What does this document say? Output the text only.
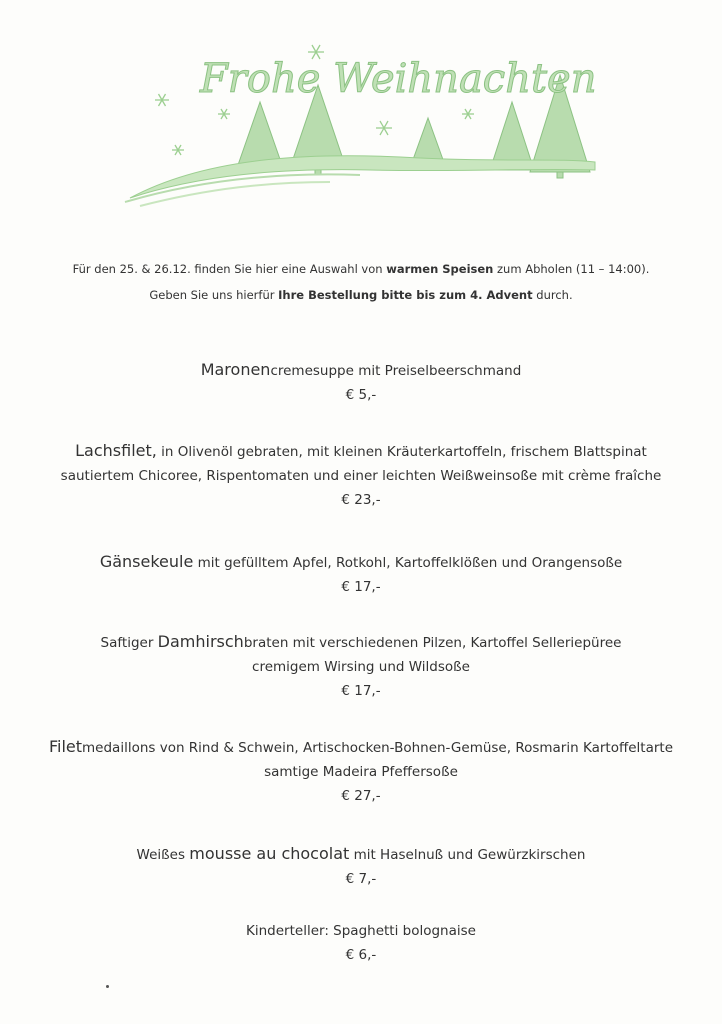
Frohe Weihnachten
Für den 25. & 26.12. finden Sie hier eine Auswahl von warmen Speisen zum Abholen (11 – 14:00).
Geben Sie uns hierfür Ihre Bestellung bitte bis zum 4. Advent durch.

Maronencremesuppe mit Preiselbeerschmand

€ 5,-

Lachsfilet, in Olivenöl gebraten, mit kleinen Kräuterkartoffeln, frischem Blattspinat

sautiertem Chicoree, Rispentomaten und einer leichten Weißweinsoße mit crème fraîche

€ 23,-

Gänsekeule mit gefülltem Apfel, Rotkohl, Kartoffelklößen und Orangensoße

€ 17,-

Saftiger Damhirschbraten mit verschiedenen Pilzen, Kartoffel Selleriepüree

cremigem Wirsing und Wildsoße

€ 17,-

Filetmedaillons von Rind & Schwein, Artischocken-Bohnen-Gemüse, Rosmarin Kartoffeltarte

samtige Madeira Pfeffersoße

€ 27,-

Weißes mousse au chocolat mit Haselnuß und Gewürzkirschen

€ 7,-

Kinderteller: Spaghetti bolognaise

€ 6,-
